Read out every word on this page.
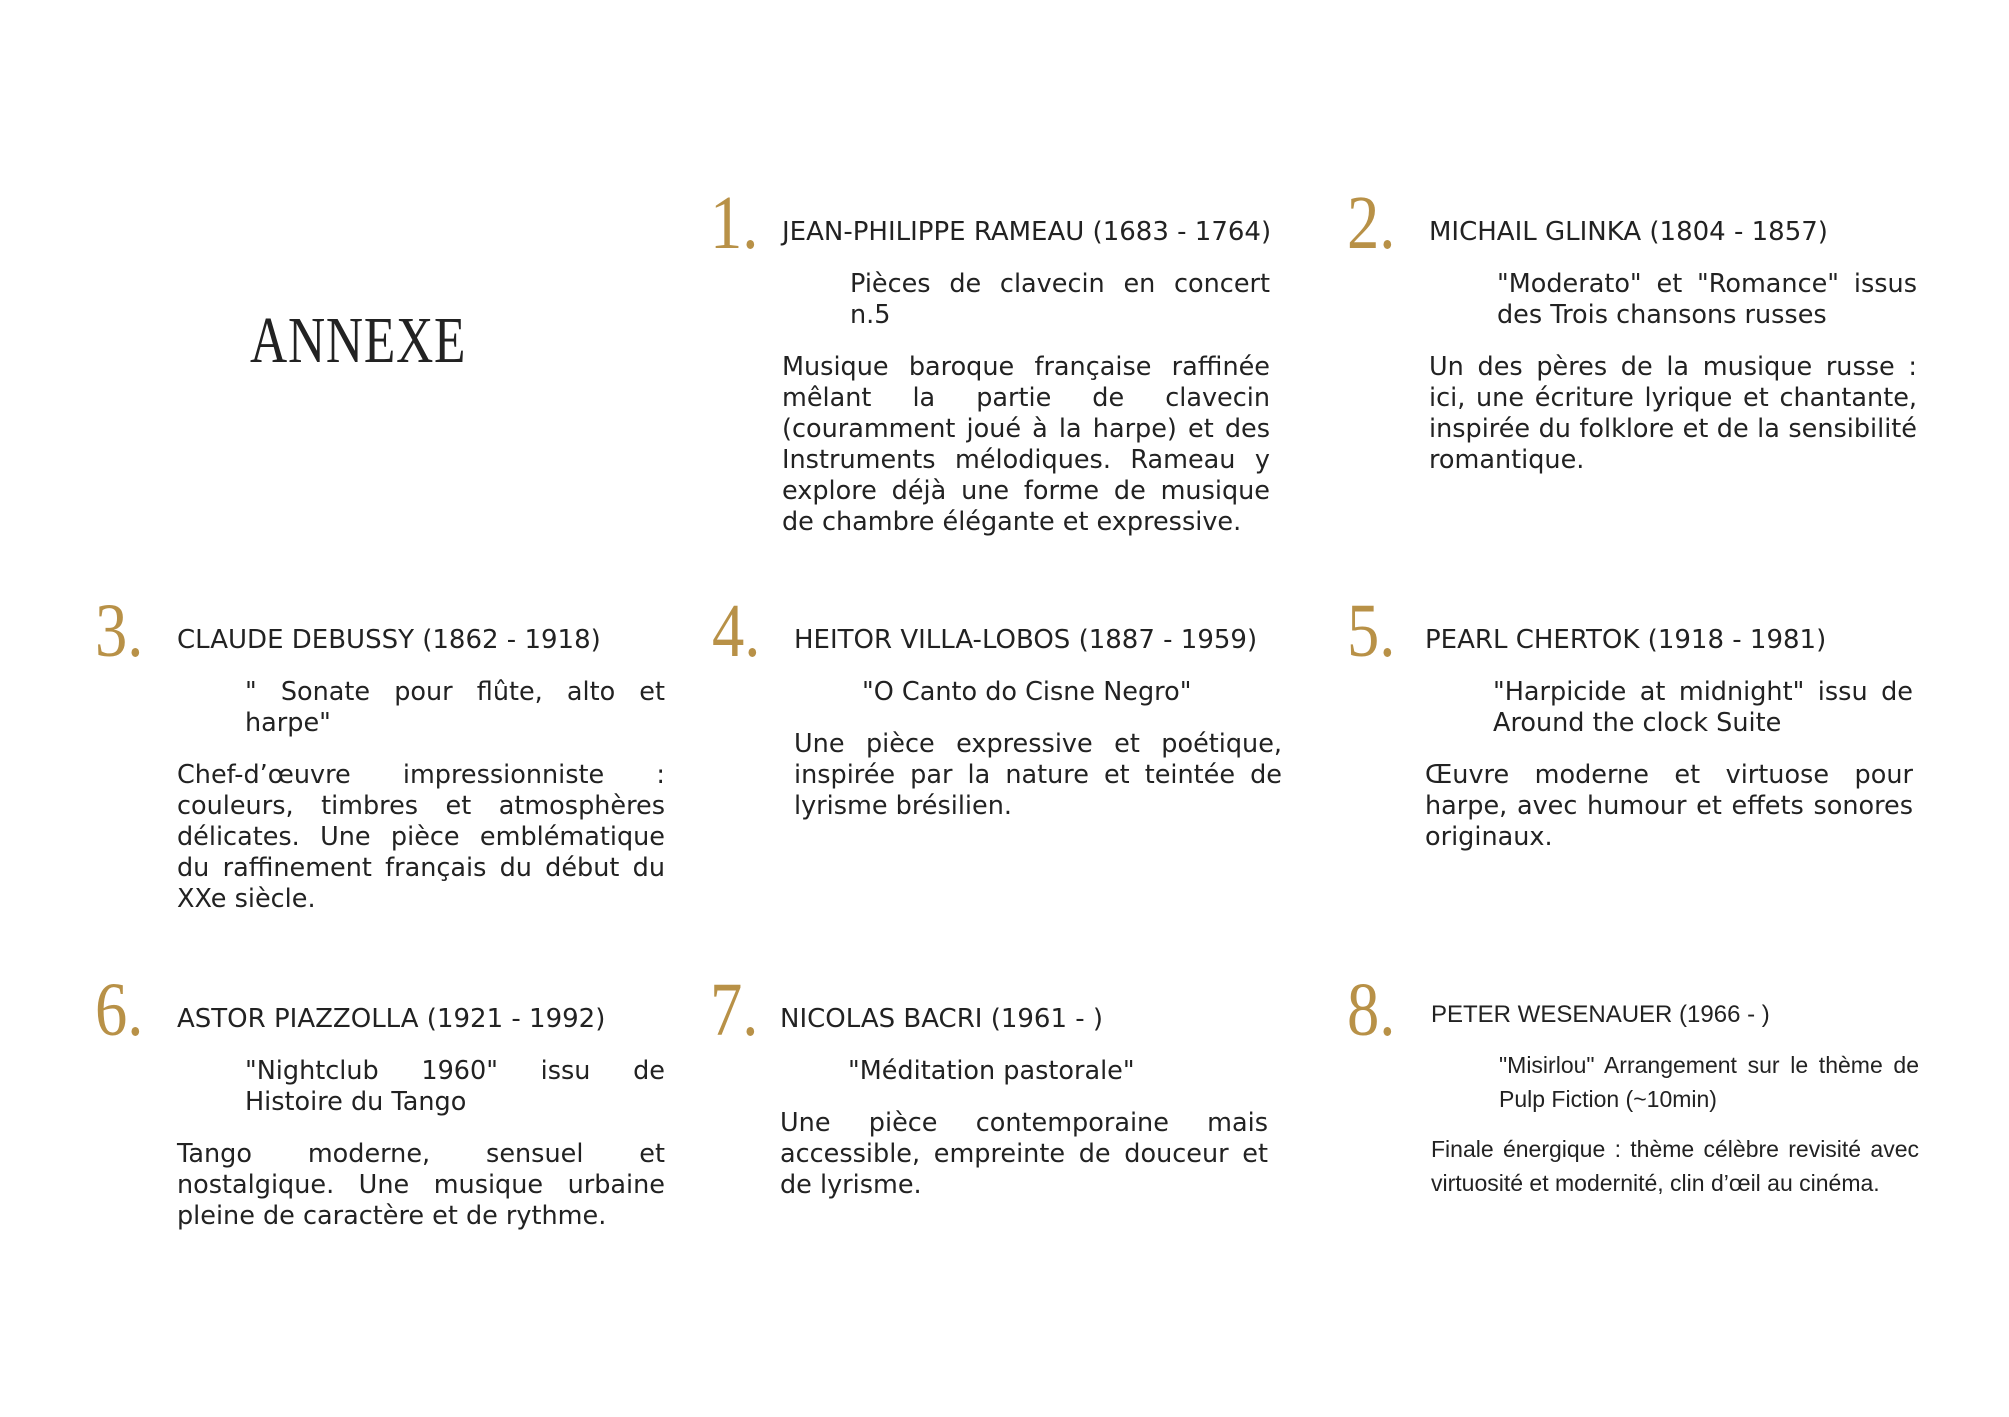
ANNEXE
1. JEAN-PHILIPPE RAMEAU (1683 - 1764)
Pièces de clavecin en concert n.5
Musique baroque française raffinée mêlant la partie de clavecin (couramment joué à la harpe) et des Instruments mélodiques. Rameau y explore déjà une forme de musique de chambre élégante et expressive.
2. MICHAIL GLINKA (1804 - 1857)
"Moderato" et "Romance" issus des Trois chansons russes
Un des pères de la musique russe : ici, une écriture lyrique et chantante, inspirée du folklore et de la sensibilité romantique.
3. CLAUDE DEBUSSY (1862 - 1918)
" Sonate pour flûte, alto et harpe"
Chef-d’œuvre impressionniste : couleurs, timbres et atmosphères délicates. Une pièce emblématique du raffinement français du début du XXe siècle.
4. HEITOR VILLA-LOBOS (1887 - 1959)
"O Canto do Cisne Negro"
Une pièce expressive et poétique, inspirée par la nature et teintée de lyrisme brésilien.
5. PEARL CHERTOK (1918 - 1981)
"Harpicide at midnight" issu de Around the clock Suite
Œuvre moderne et virtuose pour harpe, avec humour et effets sonores originaux.
6. ASTOR PIAZZOLLA (1921 - 1992)
"Nightclub 1960" issu de Histoire du Tango
Tango moderne, sensuel et nostalgique. Une musique urbaine pleine de caractère et de rythme.
7. NICOLAS BACRI (1961 - )
"Méditation pastorale"
Une pièce contemporaine mais accessible, empreinte de douceur et de lyrisme.
8. PETER WESENAUER (1966 - )
"Misirlou" Arrangement sur le thème de Pulp Fiction (~10min)
Finale énergique : thème célèbre revisité avec virtuosité et modernité, clin d’œil au cinéma.
